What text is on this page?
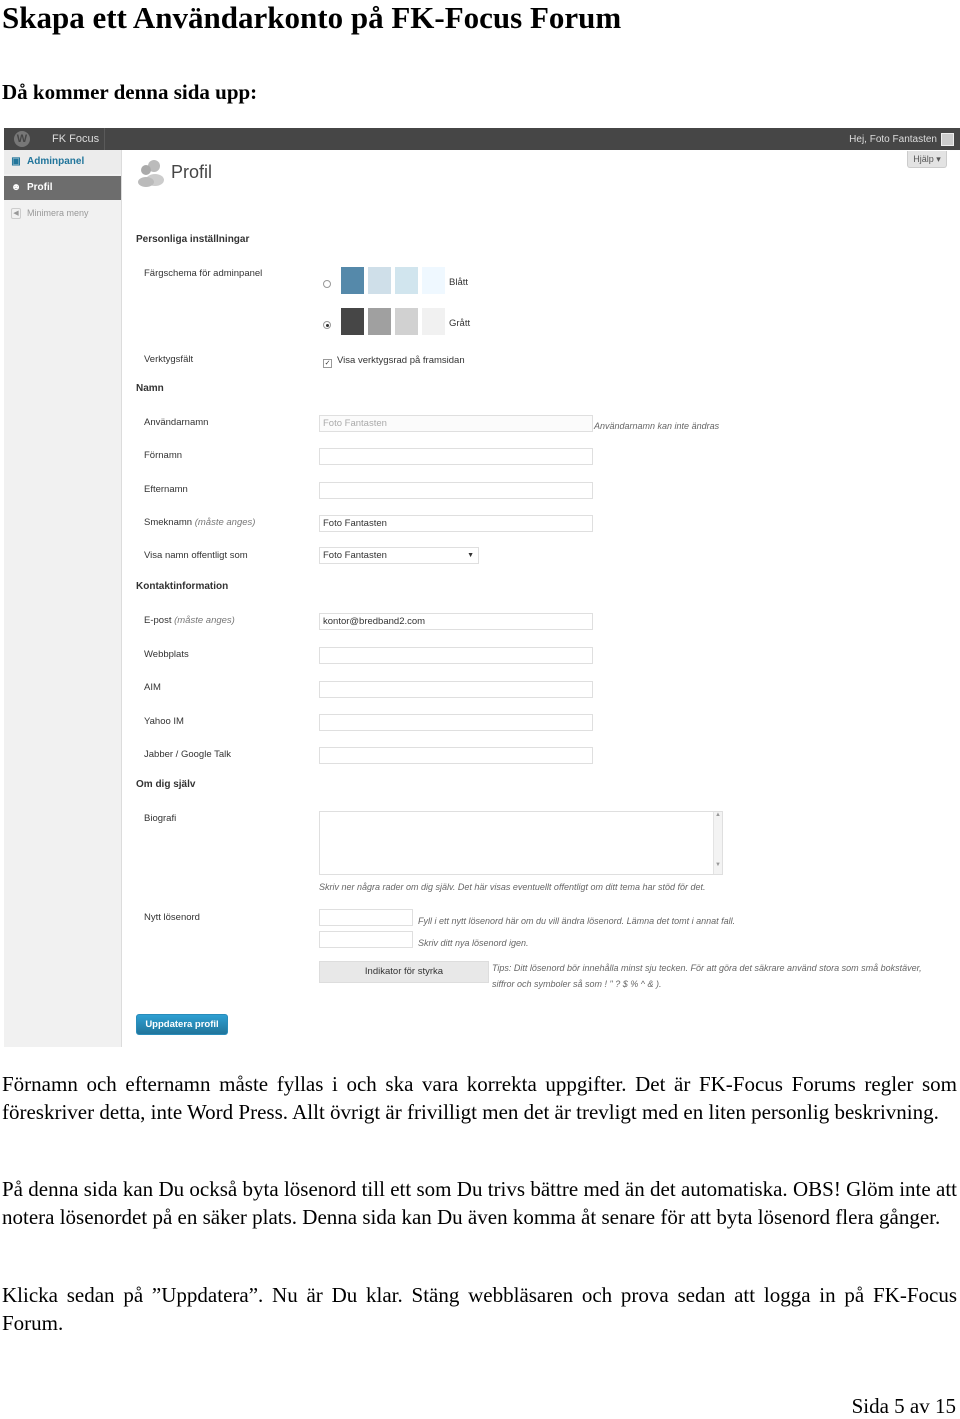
Skapa ett Användarkonto på FK-Focus Forum
Då kommer denna sida upp:
W FK Focus	Hej, Foto Fantasten
▣ Adminpanel
☻ Profil
◀ Minimera meny
Hjälp ▾
Profil
Personliga inställningar
Färgschema för adminpanel
Blått
Grått
Verktygsfält	✓ Visa verktygsrad på framsidan
Namn
Användarnamn	Foto Fantasten	Användarnamn kan inte ändras
Förnamn
Efternamn
Smeknamn (måste anges)	Foto Fantasten
Visa namn offentligt som	Foto Fantasten	▼
Kontaktinformation
E-post (måste anges)	kontor@bredband2.com
Webbplats
AIM
Yahoo IM
Jabber / Google Talk
Om dig själv
Biografi	▲
▼
Skriv ner några rader om dig själv. Det här visas eventuellt offentligt om ditt tema har stöd för det.
Nytt lösenord	Fyll i ett nytt lösenord här om du vill ändra lösenord. Lämna det tomt i annat fall.
Skriv ditt nya lösenord igen.
Indikator för styrka	Tips: Ditt lösenord bör innehålla minst sju tecken. För att göra det säkrare använd stora som små bokstäver,
siffror och symboler så som ! " ? $ % ^ & ).
Uppdatera profil
Förnamn och efternamn måste fyllas i och ska vara korrekta uppgifter. Det är FK-Focus Forums regler som föreskriver detta, inte Word Press. Allt övrigt är frivilligt men det är trevligt med en liten personlig beskrivning.
På denna sida kan Du också byta lösenord till ett som Du trivs bättre med än det automatiska. OBS! Glöm inte att notera lösenordet på en säker plats. Denna sida kan Du även komma åt senare för att byta lösenord flera gånger.
Klicka sedan på ”Uppdatera”. Nu är Du klar. Stäng webbläsaren och prova sedan att logga in på FK-Focus Forum.
Sida 5 av 15
